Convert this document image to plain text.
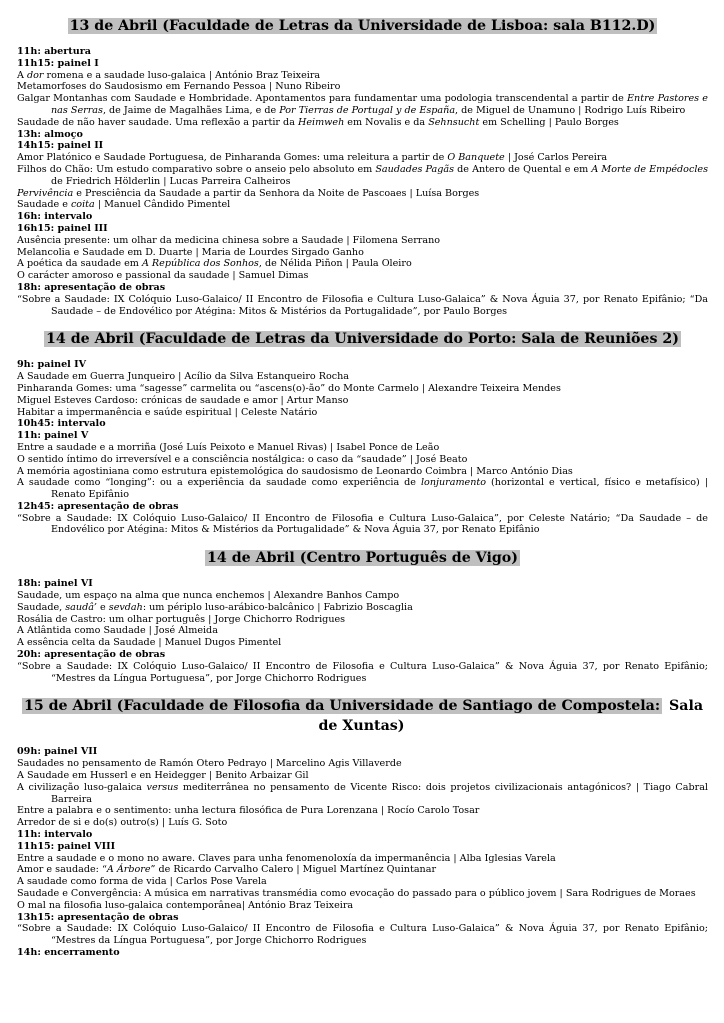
13 de Abril (Faculdade de Letras da Universidade de Lisboa: sala B112.D)
11h: abertura
11h15: painel I
A dor romena e a saudade luso-galaica | António Braz Teixeira
Metamorfoses do Saudosismo em Fernando Pessoa | Nuno Ribeiro
Galgar Montanhas com Saudade e Hombridade. Apontamentos para fundamentar uma podologia transcendental a partir de Entre Pastores e nas Serras, de Jaime de Magalhães Lima, e de Por Tierras de Portugal y de España, de Miguel de Unamuno | Rodrigo Luís Ribeiro
Saudade de não haver saudade. Uma reflexão a partir da Heimweh em Novalis e da Sehnsucht em Schelling | Paulo Borges
13h: almoço
14h15: painel II
Amor Platónico e Saudade Portuguesa, de Pinharanda Gomes: uma releitura a partir de O Banquete | José Carlos Pereira
Filhos do Chão: Um estudo comparativo sobre o anseio pelo absoluto em Saudades Pagãs de Antero de Quental e em A Morte de Empédocles de Friedrich Hölderlin | Lucas Parreira Calheiros
Pervivência e Presciência da Saudade a partir da Senhora da Noite de Pascoaes | Luísa Borges
Saudade e coita | Manuel Cândido Pimentel
16h: intervalo
16h15: painel III
Ausência presente: um olhar da medicina chinesa sobre a Saudade | Filomena Serrano
Melancolia e Saudade em D. Duarte | Maria de Lourdes Sirgado Ganho
A poética da saudade em A República dos Sonhos, de Nélida Piñon | Paula Oleiro
O carácter amoroso e passional da saudade | Samuel Dimas
18h: apresentação de obras
“Sobre a Saudade: IX Colóquio Luso-Galaico/ II Encontro de Filosofia e Cultura Luso-Galaica” & Nova Águia 37, por Renato Epifânio; “Da Saudade – de Endovélico por Atégina: Mitos & Mistérios da Portugalidade”, por Paulo Borges
14 de Abril (Faculdade de Letras da Universidade do Porto: Sala de Reuniões 2)
9h: painel IV
A Saudade em Guerra Junqueiro | Acílio da Silva Estanqueiro Rocha
Pinharanda Gomes: uma “sagesse” carmelita ou “ascens(o)-ão” do Monte Carmelo | Alexandre Teixeira Mendes
Miguel Esteves Cardoso: crónicas de saudade e amor | Artur Manso
Habitar a impermanência e saúde espiritual | Celeste Natário
10h45: intervalo
11h: painel V
Entre a saudade e a morriña (José Luís Peixoto e Manuel Rivas) | Isabel Ponce de Leão
O sentido íntimo do irreversível e a consciência nostálgica: o caso da “saudade” | José Beato
A memória agostiniana como estrutura epistemológica do saudosismo de Leonardo Coimbra | Marco António Dias
A saudade como “longing”: ou a experiência da saudade como experiência de lonjuramento (horizontal e vertical, físico e metafísico) | Renato Epifânio
12h45: apresentação de obras
“Sobre a Saudade: IX Colóquio Luso-Galaico/ II Encontro de Filosofia e Cultura Luso-Galaica”, por Celeste Natário; “Da Saudade – de Endovélico por Atégina: Mitos & Mistérios da Portugalidade” & Nova Águia 37, por Renato Epifânio
14 de Abril (Centro Português de Vigo)
18h: painel VI
Saudade, um espaço na alma que nunca enchemos | Alexandre Banhos Campo
Saudade, saudâ’ e sevdah: um périplo luso-arábico-balcânico | Fabrizio Boscaglia
Rosália de Castro: um olhar português | Jorge Chichorro Rodrigues
A Atlântida como Saudade | José Almeida
A essência celta da Saudade | Manuel Dugos Pimentel
20h: apresentação de obras
“Sobre a Saudade: IX Colóquio Luso-Galaico/ II Encontro de Filosofia e Cultura Luso-Galaica” & Nova Águia 37, por Renato Epifânio; “Mestres da Língua Portuguesa”, por Jorge Chichorro Rodrigues
15 de Abril (Faculdade de Filosofia da Universidade de Santiago de Compostela: Sala de Xuntas)
09h: painel VII
Saudades no pensamento de Ramón Otero Pedrayo | Marcelino Agis Villaverde
A Saudade em Husserl e en Heidegger | Benito Arbaizar Gil
A civilização luso-galaica versus mediterrânea no pensamento de Vicente Risco: dois projetos civilizacionais antagónicos? | Tiago Cabral Barreira
Entre a palabra e o sentimento: unha lectura filosófica de Pura Lorenzana | Rocío Carolo Tosar
Arredor de si e do(s) outro(s) | Luís G. Soto
11h: intervalo
11h15: painel VIII
Entre a saudade e o mono no aware. Claves para unha fenomenoloxía da impermanência | Alba Iglesias Varela
Amor e saudade: “A Árbore” de Ricardo Carvalho Calero | Miguel Martínez Quintanar
A saudade como forma de vida | Carlos Pose Varela
Saudade e Convergência: A música em narrativas transmédia como evocação do passado para o público jovem | Sara Rodrigues de Moraes
O mal na filosofia luso-galaica contemporânea| António Braz Teixeira
13h15: apresentação de obras
“Sobre a Saudade: IX Colóquio Luso-Galaico/ II Encontro de Filosofia e Cultura Luso-Galaica” & Nova Águia 37, por Renato Epifânio; “Mestres da Língua Portuguesa”, por Jorge Chichorro Rodrigues
14h: encerramento
